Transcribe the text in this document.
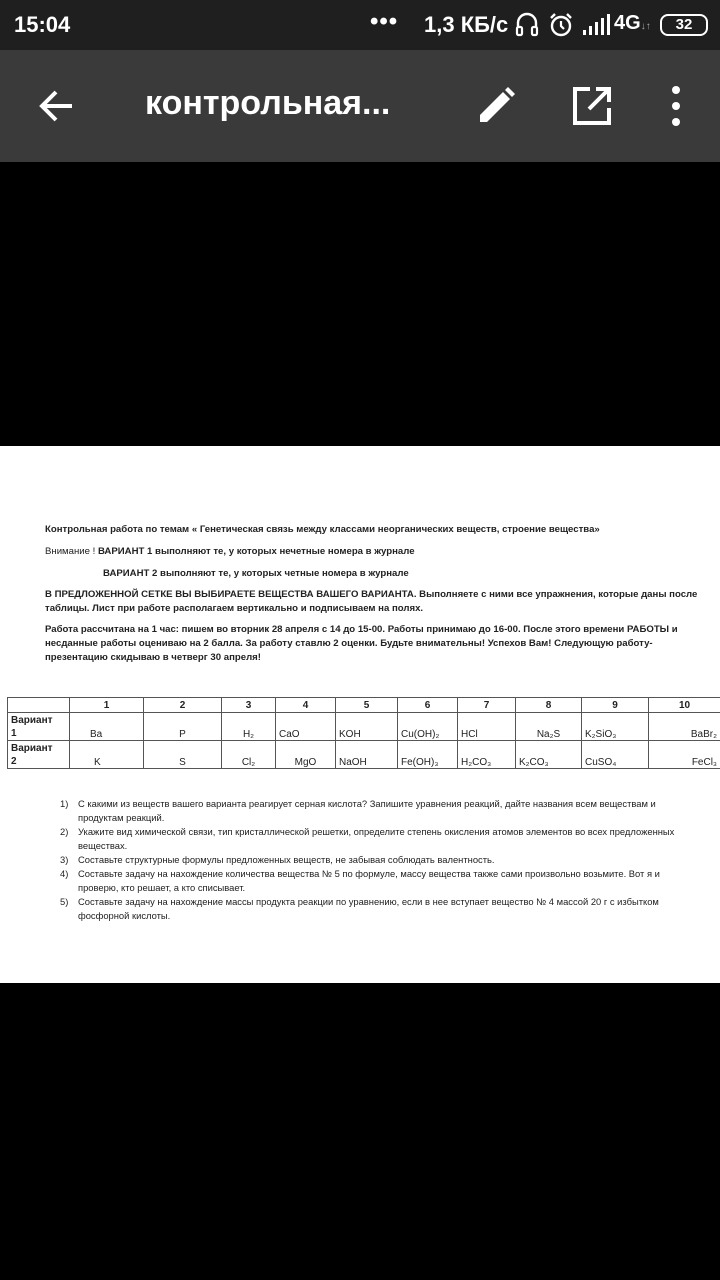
15:04	••• 1,3 КБ/с	4G↓↑	32
контрольная...
Контрольная работа по темам « Генетическая связь между классами неорганических веществ, строение вещества»
Внимание ! ВАРИАНТ 1 выполняют те, у которых нечетные номера в журнале
ВАРИАНТ 2 выполняют те, у которых четные номера в журнале
В ПРЕДЛОЖЕННОЙ СЕТКЕ ВЫ ВЫБИРАЕТЕ ВЕЩЕСТВА ВАШЕГО ВАРИАНТА. Выполняете с ними все упражнения, которые даны после
таблицы. Лист при работе располагаем вертикально и подписываем на полях.
Работа рассчитана на 1 час: пишем во вторник 28 апреля с 14 до 15-00. Работы принимаю до 16-00. После этого времени РАБОТЫ и
несданные работы оцениваю на 2 балла. За работу ставлю 2 оценки. Будьте внимательны! Успехов Вам! Следующую работу-
презентацию скидываю в четверг 30 апреля!
	1	2	3	4	5	6	7	8	9	10
Вариант
1	Ba	P	H₂	CaO	KOH	Cu(OH)₂	HCl	Na₂S	K₂SiO₃	BaBr₂
Вариант
2	K	S	Cl₂	MgO	NaOH	Fe(OH)₃	H₂CO₃	K₂CO₃	CuSO₄	FeCl₃
1)	С какими из веществ вашего варианта реагирует серная кислота? Запишите уравнения реакций, дайте названия всем веществам и продуктам реакций.
2)	Укажите вид химической связи, тип кристаллической решетки, определите степень окисления атомов элементов во всех предложенных веществах.
3)	Составьте структурные формулы предложенных веществ, не забывая соблюдать валентность.
4)	Составьте задачу на нахождение количества вещества № 5 по формуле, массу вещества также сами произвольно возьмите. Вот я и проверю, кто решает, а кто списывает.
5)	Составьте задачу на нахождение массы продукта реакции по уравнению, если в нее вступает вещество № 4 массой 20 г с избытком фосфорной кислоты.
